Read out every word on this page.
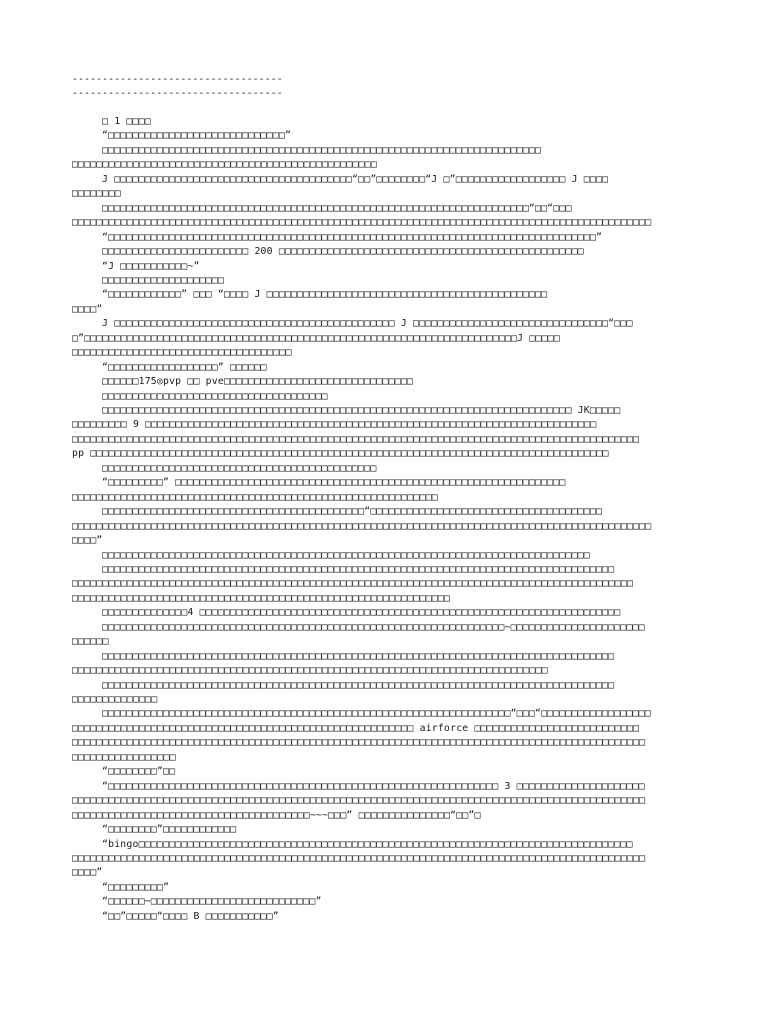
-----------------------------------
-----------------------------------
□ 1 □□□□
“□□□□□□□□□□□□□□□□□□□□□□□□□□□□□”
□□□□□□□□□□□□□□□□□□□□□□□□□□□□□□□□□□□□□□□□□□□□□□□□□□□□□□□□□□□□□□□□□□□□□□□□
□□□□□□□□□□□□□□□□□□□□□□□□□□□□□□□□□□□□□□□□□□□□□□□□□□
J □□□□□□□□□□□□□□□□□□□□□□□□□□□□□□□□□□□□□□□“□□”□□□□□□□□“J □”□□□□□□□□□□□□□□□□□□ J □□□□
□□□□□□□□
□□□□□□□□□□□□□□□□□□□□□□□□□□□□□□□□□□□□□□□□□□□□□□□□□□□□□□□□□□□□□□□□□□□□□□“□□“□□□
□□□□□□□□□□□□□□□□□□□□□□□□□□□□□□□□□□□□□□□□□□□□□□□□□□□□□□□□□□□□□□□□□□□□□□□□□□□□□□□□□□□□□□□□□□□□□□□
“□□□□□□□□□□□□□□□□□□□□□□□□□□□□□□□□□□□□□□□□□□□□□□□□□□□□□□□□□□□□□□□□□□□□□□□□□□□□□□□□”
□□□□□□□□□□□□□□□□□□□□□□□□ 200 □□□□□□□□□□□□□□□□□□□□□□□□□□□□□□□□□□□□□□□□□□□□□□□□□□
“J □□□□□□□□□□□~”
□□□□□□□□□□□□□□□□□□□□
“□□□□□□□□□□□□” □□□ “□□□□ J □□□□□□□□□□□□□□□□□□□□□□□□□□□□□□□□□□□□□□□□□□□□□□
□□□□”
J □□□□□□□□□□□□□□□□□□□□□□□□□□□□□□□□□□□□□□□□□□□□□□ J □□□□□□□□□□□□□□□□□□□□□□□□□□□□□□□□“□□□
□”□□□□□□□□□□□□□□□□□□□□□□□□□□□□□□□□□□□□□□□□□□□□□□□□□□□□□□□□□□□□□□□□□□□□□□□J □□□□□
□□□□□□□□□□□□□□□□□□□□□□□□□□□□□□□□□□□□
“□□□□□□□□□□□□□□□□□□” □□□□□□
□□□□□□175◎pvp □□ pve□□□□□□□□□□□□□□□□□□□□□□□□□□□□□□□
□□□□□□□□□□□□□□□□□□□□□□□□□□□□□□□□□□□□□
□□□□□□□□□□□□□□□□□□□□□□□□□□□□□□□□□□□□□□□□□□□□□□□□□□□□□□□□□□□□□□□□□□□□□□□□□□□□□ JK□□□□□
□□□□□□□□□ 9 □□□□□□□□□□□□□□□□□□□□□□□□□□□□□□□□□□□□□□□□□□□□□□□□□□□□□□□□□□□□□□□□□□□□□□□□□□
□□□□□□□□□□□□□□□□□□□□□□□□□□□□□□□□□□□□□□□□□□□□□□□□□□□□□□□□□□□□□□□□□□□□□□□□□□□□□□□□□□□□□□□□□□□□□
pp □□□□□□□□□□□□□□□□□□□□□□□□□□□□□□□□□□□□□□□□□□□□□□□□□□□□□□□□□□□□□□□□□□□□□□□□□□□□□□□□□□□□□
□□□□□□□□□□□□□□□□□□□□□□□□□□□□□□□□□□□□□□□□□□□□□
“□□□□□□□□□” □□□□□□□□□□□□□□□□□□□□□□□□□□□□□□□□□□□□□□□□□□□□□□□□□□□□□□□□□□□□□□□□
□□□□□□□□□□□□□□□□□□□□□□□□□□□□□□□□□□□□□□□□□□□□□□□□□□□□□□□□□□□□
□□□□□□□□□□□□□□□□□□□□□□□□□□□□□□□□□□□□□□□□□□□“□□□□□□□□□□□□□□□□□□□□□□□□□□□□□□□□□□□□□□
□□□□□□□□□□□□□□□□□□□□□□□□□□□□□□□□□□□□□□□□□□□□□□□□□□□□□□□□□□□□□□□□□□□□□□□□□□□□□□□□□□□□□□□□□□□□□□□
□□□□”
□□□□□□□□□□□□□□□□□□□□□□□□□□□□□□□□□□□□□□□□□□□□□□□□□□□□□□□□□□□□□□□□□□□□□□□□□□□□□□□□
□□□□□□□□□□□□□□□□□□□□□□□□□□□□□□□□□□□□□□□□□□□□□□□□□□□□□□□□□□□□□□□□□□□□□□□□□□□□□□□□□□□□
□□□□□□□□□□□□□□□□□□□□□□□□□□□□□□□□□□□□□□□□□□□□□□□□□□□□□□□□□□□□□□□□□□□□□□□□□□□□□□□□□□□□□□□□□□□□
□□□□□□□□□□□□□□□□□□□□□□□□□□□□□□□□□□□□□□□□□□□□□□□□□□□□□□□□□□□□□□
□□□□□□□□□□□□□□4 □□□□□□□□□□□□□□□□□□□□□□□□□□□□□□□□□□□□□□□□□□□□□□□□□□□□□□□□□□□□□□□□□□□□□
□□□□□□□□□□□□□□□□□□□□□□□□□□□□□□□□□□□□□□□□□□□□□□□□□□□□□□□□□□□□□□□□□□~□□□□□□□□□□□□□□□□□□□□□□
□□□□□□
□□□□□□□□□□□□□□□□□□□□□□□□□□□□□□□□□□□□□□□□□□□□□□□□□□□□□□□□□□□□□□□□□□□□□□□□□□□□□□□□□□□□
□□□□□□□□□□□□□□□□□□□□□□□□□□□□□□□□□□□□□□□□□□□□□□□□□□□□□□□□□□□□□□□□□□□□□□□□□□□□□□
□□□□□□□□□□□□□□□□□□□□□□□□□□□□□□□□□□□□□□□□□□□□□□□□□□□□□□□□□□□□□□□□□□□□□□□□□□□□□□□□□□□□
□□□□□□□□□□□□□□
□□□□□□□□□□□□□□□□□□□□□□□□□□□□□□□□□□□□□□□□□□□□□□□□□□□□□□□□□□□□□□□□□□□“□□□“□□□□□□□□□□□□□□□□□□
□□□□□□□□□□□□□□□□□□□□□□□□□□□□□□□□□□□□□□□□□□□□□□□□□□□□□□□□ airforce □□□□□□□□□□□□□□□□□□□□□□□□□□□
□□□□□□□□□□□□□□□□□□□□□□□□□□□□□□□□□□□□□□□□□□□□□□□□□□□□□□□□□□□□□□□□□□□□□□□□□□□□□□□□□□□□□□□□□□□□□□
□□□□□□□□□□□□□□□□□
“□□□□□□□□”□□
“□□□□□□□□□□□□□□□□□□□□□□□□□□□□□□□□□□□□□□□□□□□□□□□□□□□□□□□□□□□□□□□□ 3 □□□□□□□□□□□□□□□□□□□□□
□□□□□□□□□□□□□□□□□□□□□□□□□□□□□□□□□□□□□□□□□□□□□□□□□□□□□□□□□□□□□□□□□□□□□□□□□□□□□□□□□□□□□□□□□□□□□□
□□□□□□□□□□□□□□□□□□□□□□□□□□□□□□□□□□□□□□□~~~□□□” □□□□□□□□□□□□□□□“□□”□
“□□□□□□□□”□□□□□□□□□□□□
“bingo□□□□□□□□□□□□□□□□□□□□□□□□□□□□□□□□□□□□□□□□□□□□□□□□□□□□□□□□□□□□□□□□□□□□□□□□□□□□□□□□□
□□□□□□□□□□□□□□□□□□□□□□□□□□□□□□□□□□□□□□□□□□□□□□□□□□□□□□□□□□□□□□□□□□□□□□□□□□□□□□□□□□□□□□□□□□□□□□
□□□□”
“□□□□□□□□□”
“□□□□□□~□□□□□□□□□□□□□□□□□□□□□□□□□□□”
“□□”□□□□□“□□□□ B □□□□□□□□□□□”
